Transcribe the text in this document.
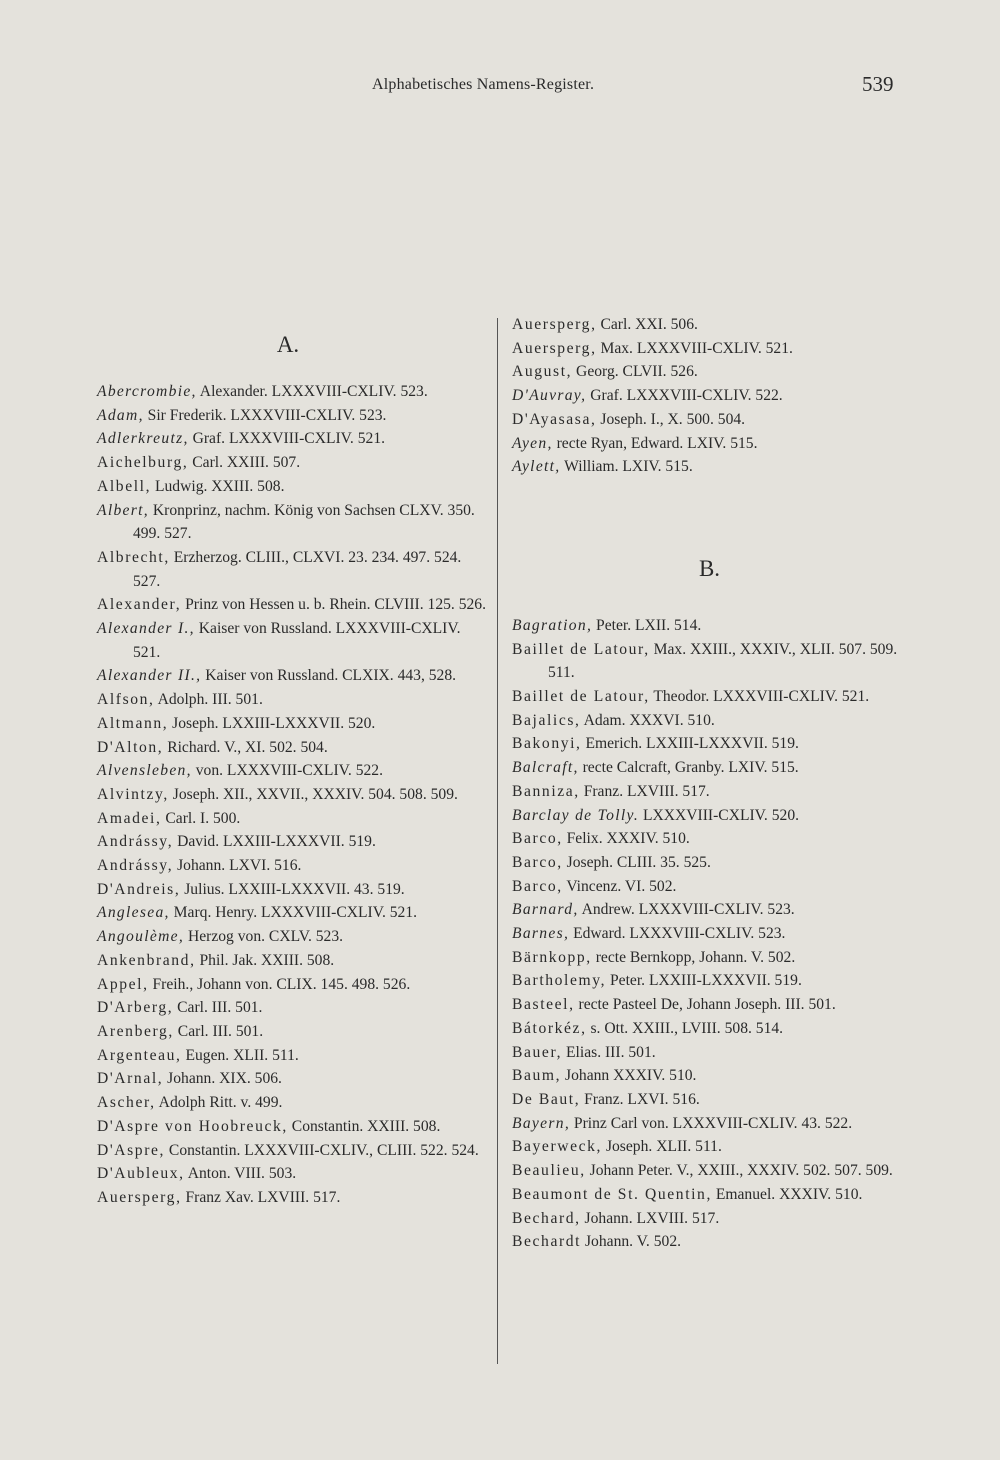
Alphabetisches Namens-Register.	539
A.
Abercrombie, Alexander. LXXXVIII-CXLIV. 523.
Adam, Sir Frederik. LXXXVIII-CXLIV. 523.
Adlerkreutz, Graf. LXXXVIII-CXLIV. 521.
Aichelburg, Carl. XXIII. 507.
Albell, Ludwig. XXIII. 508.
Albert, Kronprinz, nachm. König von Sachsen CLXV. 350. 499. 527.
Albrecht, Erzherzog. CLIII., CLXVI. 23. 234. 497. 524. 527.
Alexander, Prinz von Hessen u. b. Rhein. CLVIII. 125. 526.
Alexander I., Kaiser von Russland. LXXXVIII-CXLIV. 521.
Alexander II., Kaiser von Russland. CLXIX. 443, 528.
Alfson, Adolph. III. 501.
Altmann, Joseph. LXXIII-LXXXVII. 520.
D'Alton, Richard. V., XI. 502. 504.
Alvensleben, von. LXXXVIII-CXLIV. 522.
Alvintzy, Joseph. XII., XXVII., XXXIV. 504. 508. 509.
Amadei, Carl. I. 500.
Andrássy, David. LXXIII-LXXXVII. 519.
Andrássy, Johann. LXVI. 516.
D'Andreis, Julius. LXXIII-LXXXVII. 43. 519.
Anglesea, Marq. Henry. LXXXVIII-CXLIV. 521.
Angoulème, Herzog von. CXLV. 523.
Ankenbrand, Phil. Jak. XXIII. 508.
Appel, Freih., Johann von. CLIX. 145. 498. 526.
D'Arberg, Carl. III. 501.
Arenberg, Carl. III. 501.
Argenteau, Eugen. XLII. 511.
D'Arnal, Johann. XIX. 506.
Ascher, Adolph Ritt. v. 499.
D'Aspre von Hoobreuck, Constantin. XXIII. 508.
D'Aspre, Constantin. LXXXVIII-CXLIV., CLIII. 522. 524.
D'Aubleux, Anton. VIII. 503.
Auersperg, Franz Xav. LXVIII. 517.
Auersperg, Carl. XXI. 506.
Auersperg, Max. LXXXVIII-CXLIV. 521.
August, Georg. CLVII. 526.
D'Auvray, Graf. LXXXVIII-CXLIV. 522.
D'Ayasasa, Joseph. I., X. 500. 504.
Ayen, recte Ryan, Edward. LXIV. 515.
Aylett, William. LXIV. 515.
B.
Bagration, Peter. LXII. 514.
Baillet de Latour, Max. XXIII., XXXIV., XLII. 507. 509. 511.
Baillet de Latour, Theodor. LXXXVIII-CXLIV. 521.
Bajalics, Adam. XXXVI. 510.
Bakonyi, Emerich. LXXIII-LXXXVII. 519.
Balcraft, recte Calcraft, Granby. LXIV. 515.
Banniza, Franz. LXVIII. 517.
Barclay de Tolly. LXXXVIII-CXLIV. 520.
Barco, Felix. XXXIV. 510.
Barco, Joseph. CLIII. 35. 525.
Barco, Vincenz. VI. 502.
Barnard, Andrew. LXXXVIII-CXLIV. 523.
Barnes, Edward. LXXXVIII-CXLIV. 523.
Bärnkopp, recte Bernkopp, Johann. V. 502.
Bartholemy, Peter. LXXIII-LXXXVII. 519.
Basteel, recte Pasteel De, Johann Joseph. III. 501.
Bátorkéz, s. Ott. XXIII., LVIII. 508. 514.
Bauer, Elias. III. 501.
Baum, Johann XXXIV. 510.
De Baut, Franz. LXVI. 516.
Bayern, Prinz Carl von. LXXXVIII-CXLIV. 43. 522.
Bayerweck, Joseph. XLII. 511.
Beaulieu, Johann Peter. V., XXIII., XXXIV. 502. 507. 509.
Beaumont de St. Quentin, Emanuel. XXXIV. 510.
Bechard, Johann. LXVIII. 517.
Bechardt Johann. V. 502.
